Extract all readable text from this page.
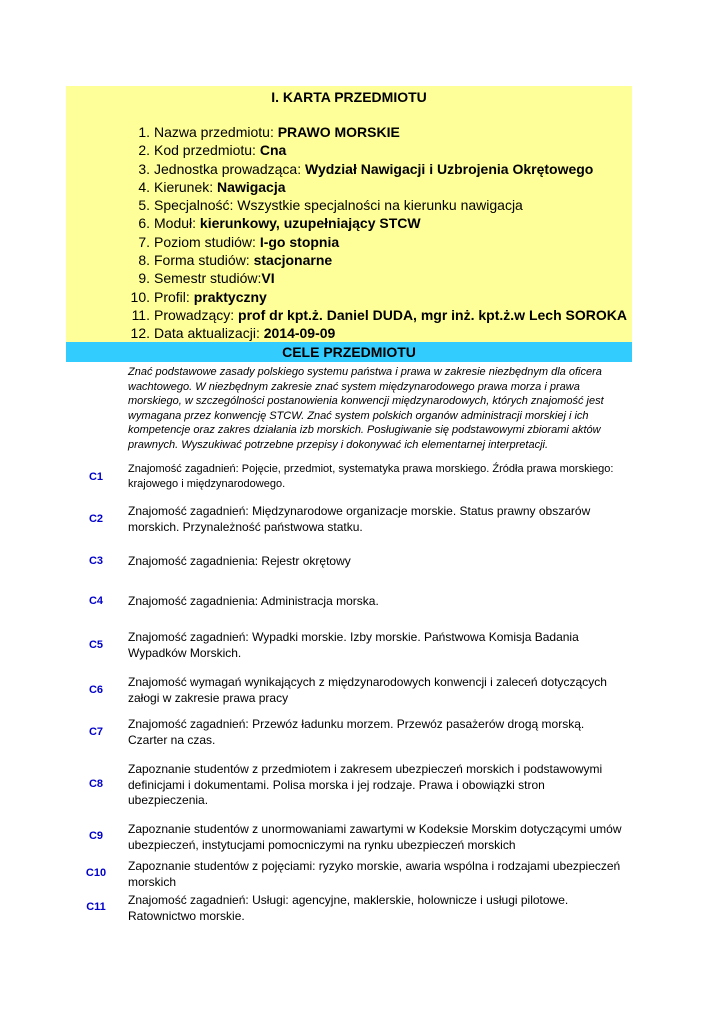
I. KARTA PRZEDMIOTU
1. Nazwa przedmiotu: PRAWO MORSKIE
2. Kod przedmiotu: Cna
3. Jednostka prowadząca: Wydział Nawigacji i Uzbrojenia Okrętowego
4. Kierunek: Nawigacja
5. Specjalność: Wszystkie specjalności na kierunku nawigacja
6. Moduł: kierunkowy, uzupełniający STCW
7. Poziom studiów: I-go stopnia
8. Forma studiów: stacjonarne
9. Semestr studiów:VI
10. Profil: praktyczny
11. Prowadzący: prof dr kpt.ż. Daniel DUDA, mgr inż. kpt.ż.w Lech SOROKA
12. Data aktualizacji: 2014-09-09
CELE PRZEDMIOTU
Znać podstawowe zasady polskiego systemu państwa i prawa w zakresie niezbędnym dla oficera wachtowego. W niezbędnym zakresie znać system międzynarodowego prawa morza i prawa morskiego, w szczególności postanowienia konwencji międzynarodowych, których znajomość jest wymagana przez konwencję STCW. Znać system polskich organów administracji morskiej i ich kompetencje oraz zakres działania izb morskich. Posługiwanie się podstawowymi zbiorami aktów prawnych. Wyszukiwać potrzebne przepisy i dokonywać ich elementarnej interpretacji.
C1
Znajomość zagadnień: Pojęcie, przedmiot, systematyka prawa morskiego. Źródła prawa morskiego: krajowego i międzynarodowego.
C2
Znajomość zagadnień: Międzynarodowe organizacje morskie. Status prawny obszarów morskich. Przynależność państwowa statku.
C3	Znajomość zagadnienia: Rejestr okrętowy
C4	Znajomość zagadnienia: Administracja morska.
C5
Znajomość zagadnień: Wypadki morskie. Izby morskie. Państwowa Komisja Badania Wypadków Morskich.
C6
Znajomość wymagań wynikających z międzynarodowych konwencji i zaleceń dotyczących załogi w zakresie prawa pracy
C7
Znajomość zagadnień: Przewóz ładunku morzem. Przewóz pasażerów drogą morską. Czarter na czas.
C8
Zapoznanie studentów z przedmiotem i zakresem ubezpieczeń morskich i podstawowymi definicjami i dokumentami. Polisa morska i jej rodzaje. Prawa i obowiązki stron ubezpieczenia.
C9	Zapoznanie studentów z unormowaniami zawartymi w Kodeksie Morskim dotyczącymi umów ubezpieczeń, instytucjami pomocniczymi na rynku ubezpieczeń morskich
C10	Zapoznanie studentów z pojęciami: ryzyko morskie, awaria wspólna i rodzajami ubezpieczeń morskich
C11	Znajomość zagadnień: Usługi: agencyjne, maklerskie, holownicze i usługi pilotowe. Ratownictwo morskie.
